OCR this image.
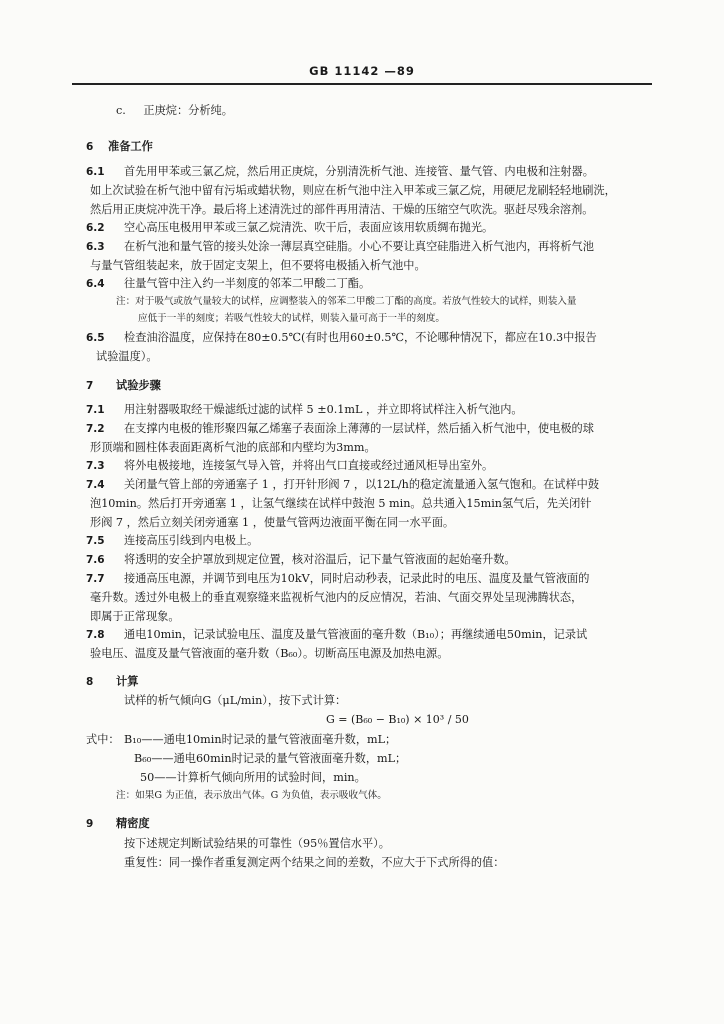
GB 11142 —89
c. 正庚烷：分析纯。
6 准备工作
6.1 首先用甲苯或三氯乙烷，然后用正庚烷，分别清洗析气池、连接管、量气管、内电极和注射器。
如上次试验在析气池中留有污垢或蜡状物，则应在析气池中注入甲苯或三氯乙烷，用硬尼龙刷轻轻地刷洗，
然后用正庚烷冲洗干净。最后将上述清洗过的部件再用清洁、干燥的压缩空气吹洗。驱赶尽残余溶剂。
6.2 空心高压电极用甲苯或三氯乙烷清洗、吹干后，表面应该用软质绸布抛光。
6.3 在析气池和量气管的接头处涂一薄层真空硅脂。小心不要让真空硅脂进入析气池内，再将析气池
与量气管组装起来，放于固定支架上，但不要将电极插入析气池中。
6.4 往量气管中注入约一半刻度的邻苯二甲酸二丁酯。
注：对于吸气或放气量较大的试样，应调整装入的邻苯二甲酸二丁酯的高度。若放气性较大的试样，则装入量
应低于一半的刻度；若吸气性较大的试样，则装入量可高于一半的刻度。
6.5 检查油浴温度，应保持在80±0.5℃(有时也用60±0.5℃，不论哪种情况下，都应在10.3中报告
试验温度）。
7 试验步骤
7.1 用注射器吸取经干燥滤纸过滤的试样 5 ±0.1mL ，并立即将试样注入析气池内。
7.2 在支撑内电极的锥形聚四氟乙烯塞子表面涂上薄薄的一层试样，然后插入析气池中，使电极的球
形顶端和圆柱体表面距离析气池的底部和内壁均为3mm。
7.3 将外电极接地，连接氢气导入管，并将出气口直接或经过通风柜导出室外。
7.4 关闭量气管上部的旁通塞子 1 ，打开针形阀 7 ，以12L/h的稳定流量通入氢气饱和。在试样中鼓
泡10min。然后打开旁通塞 1 ，让氢气继续在试样中鼓泡 5 min。总共通入15min氢气后，先关闭针
形阀 7 ，然后立刻关闭旁通塞 1 ，使量气管两边液面平衡在同一水平面。
7.5 连接高压引线到内电极上。
7.6 将透明的安全护罩放到规定位置，核对浴温后，记下量气管液面的起始毫升数。
7.7 接通高压电源，并调节到电压为10kV，同时启动秒表，记录此时的电压、温度及量气管液面的
毫升数。透过外电极上的垂直观察缝来监视析气池内的反应情况，若油、气面交界处呈现沸腾状态，
即属于正常现象。
7.8 通电10min，记录试验电压、温度及量气管液面的毫升数（B₁₀）；再继续通电50min，记录试
验电压、温度及量气管液面的毫升数（B₆₀）。切断高压电源及加热电源。
8 计算
试样的析气倾向G（μL/min），按下式计算：
G = (B₆₀ − B₁₀) × 10³ / 50
式中： B₁₀——通电10min时记录的量气管液面毫升数，mL；
B₆₀——通电60min时记录的量气管液面毫升数，mL；
50——计算析气倾向所用的试验时间，min。
注：如果G 为正值，表示放出气体。G 为负值，表示吸收气体。
9 精密度
按下述规定判断试验结果的可靠性（95％置信水平）。
重复性：同一操作者重复测定两个结果之间的差数，不应大于下式所得的值：
